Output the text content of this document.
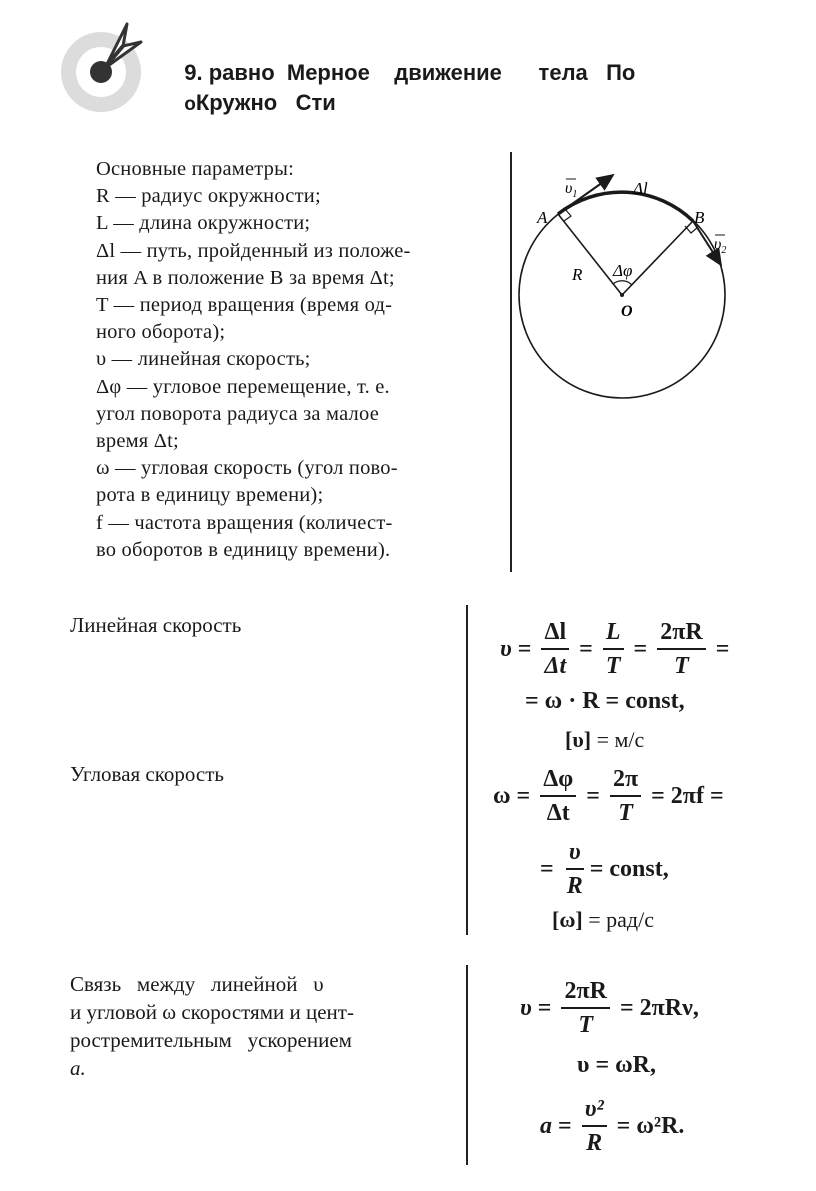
9. равно  Мерное    движение      тела   По

оКружно   Сти

Основные параметры:
R — радиус окружности;
L — длина окружности;
Δl — путь, пройденный из положе-
ния A в положение B за время Δt;
T — период вращения (время од-
ного оборота);
υ — линейная скорость;
Δφ — угловое перемещение, т. е.
угол поворота радиуса за малое
время Δt;
ω — угловая скорость (угол пово-
рота в единицу времени);
f — частота вращения (количест-
во оборотов в единицу времени).
$\upsilon_1$	Δl
A	B
$\upsilon_2$
R Δφ
O
Линейная скорость
$\upsilon = \frac{\Delta l}{\Delta t} = \frac{L}{T} = \frac{2\pi R}{T}$ =
= ω · R = const,
[υ]
= м/с
Угловая скорость
$\omega = \frac{\Delta\varphi}{\Delta t} = \frac{2\pi}{T} = 2\pi f$ =
= $\frac{\upsilon}{R}$ = const,
[ω]
= рад/с
Связь   между   линейной   υ
и угловой ω скоростями и цент-
ростремительным   ускорением
a.
$\upsilon = \frac{2\pi R}{T} = 2\pi R\nu$,
υ = ωR,
$a = \frac{\text{υ²}}{R} = \omega^2R$.
